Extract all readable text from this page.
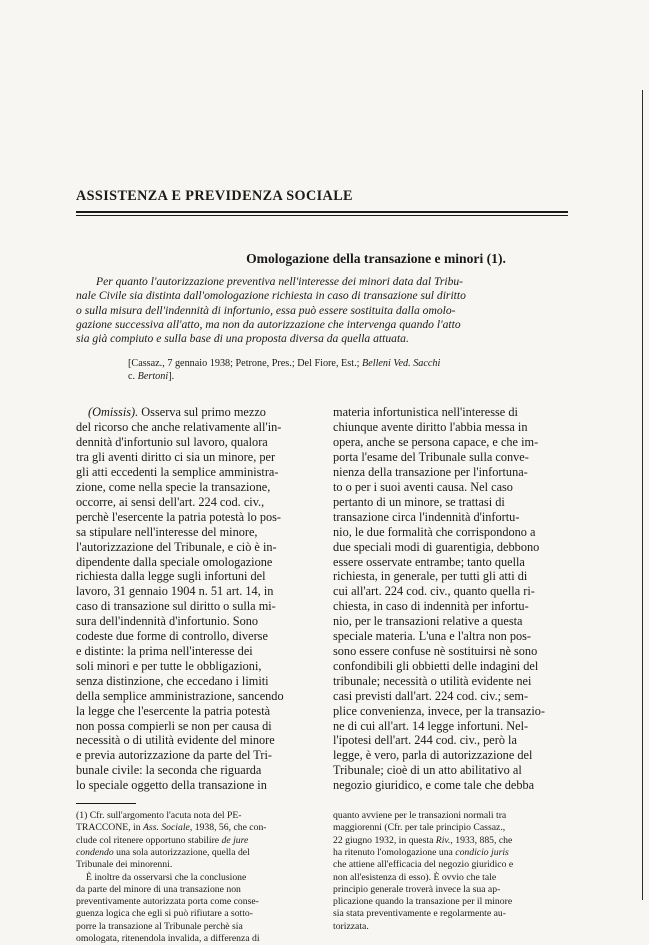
ASSISTENZA E PREVIDENZA SOCIALE
Omologazione della transazione e minori (1).
Per quanto l'autorizzazione preventiva nell'interesse dei minori data dal Tribu-
nale Civile sia distinta dall'omologazione richiesta in caso di transazione sul diritto
o sulla misura dell'indennità di infortunio, essa può essere sostituita dalla omolo-
gazione successiva all'atto, ma non da autorizzazione che intervenga quando l'atto
sia già compiuto e sulla base di una proposta diversa da quella attuata.
[Cassaz., 7 gennaio 1938; Petrone, Pres.; Del Fiore, Est.; Belleni Ved. Sacchi
c. Bertoni].
(Omissis). Osserva sul primo mezzo
del ricorso che anche relativamente all'in-
dennità d'infortunio sul lavoro, qualora
tra gli aventi diritto ci sia un minore, per
gli atti eccedenti la semplice amministra-
zione, come nella specie la transazione,
occorre, ai sensi dell'art. 224 cod. civ.,
perchè l'esercente la patria potestà lo pos-
sa stipulare nell'interesse del minore,
l'autorizzazione del Tribunale, e ciò è in-
dipendente dalla speciale omologazione
richiesta dalla legge sugli infortuni del
lavoro, 31 gennaio 1904 n. 51 art. 14, in
caso di transazione sul diritto o sulla mi-
sura dell'indennità d'infortunio. Sono
codeste due forme di controllo, diverse
e distinte: la prima nell'interesse dei
soli minori e per tutte le obbligazioni,
senza distinzione, che eccedano i limiti
della semplice amministrazione, sancendo
la legge che l'esercente la patria potestà
non possa compierli se non per causa di
necessità o di utilità evidente del minore
e previa autorizzazione da parte del Tri-
bunale civile: la seconda che riguarda
lo speciale oggetto della transazione in
materia infortunistica nell'interesse di
chiunque avente diritto l'abbia messa in
opera, anche se persona capace, e che im-
porta l'esame del Tribunale sulla conve-
nienza della transazione per l'infortuna-
to o per i suoi aventi causa. Nel caso
pertanto di un minore, se trattasi di
transazione circa l'indennità d'infortu-
nio, le due formalità che corrispondono a
due speciali modi di guarentigia, debbono
essere osservate entrambe; tanto quella
richiesta, in generale, per tutti gli atti di
cui all'art. 224 cod. civ., quanto quella ri-
chiesta, in caso di indennità per infortu-
nio, per le transazioni relative a questa
speciale materia. L'una e l'altra non pos-
sono essere confuse nè sostituirsi nè sono
confondibili gli obbietti delle indagini del
tribunale; necessità o utilità evidente nei
casi previsti dall'art. 224 cod. civ.; sem-
plice convenienza, invece, per la transazio-
ne di cui all'art. 14 legge infortuni. Nel-
l'ipotesi dell'art. 244 cod. civ., però la
legge, è vero, parla di autorizzazione del
Tribunale; cioè di un atto abilitativo al
negozio giuridico, e come tale che debba
(1) Cfr. sull'argomento l'acuta nota del PE-
TRACCONE, in Ass. Sociale, 1938, 56, che con-
clude col ritenere opportuno stabilire de jure
condendo una sola autorizzazione, quella del
Tribunale dei minorenni.
È inoltre da osservarsi che la conclusione
da parte del minore di una transazione non
preventivamente autorizzata porta come conse-
guenza logica che egli si può rifiutare a sotto-
porre la transazione al Tribunale perchè sia
omologata, ritenendola invalida, a differenza di
quanto avviene per le transazioni normali tra
maggiorenni (Cfr. per tale principio Cassaz.,
22 giugno 1932, in questa Riv., 1933, 885, che
ha ritenuto l'omologazione una condicio juris
che attiene all'efficacia del negozio giuridico e
non all'esistenza di esso). È ovvio che tale
principio generale troverà invece la sua ap-
plicazione quando la transazione per il minore
sia stata preventivamente e regolarmente au-
torizzata.
